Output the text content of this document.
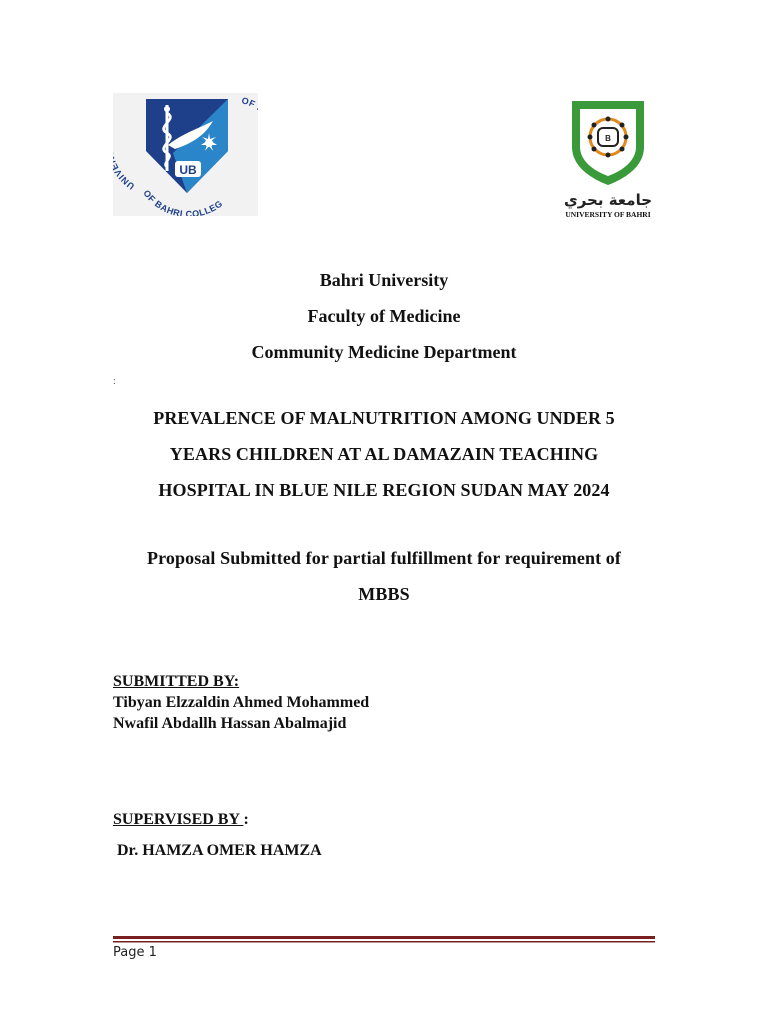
UNIV
OF BAHRI COLLEG
OF
UB
B
جامعة بحري
UNIVERSITY OF BAHRI
Bahri University
Faculty of Medicine
Community Medicine Department
:
PREVALENCE OF MALNUTRITION AMONG UNDER 5
YEARS CHILDREN AT AL DAMAZAIN TEACHING
HOSPITAL IN BLUE NILE REGION SUDAN MAY 2024
Proposal Submitted for partial fulfillment for requirement of
MBBS
SUBMITTED BY:
Tibyan Elzzaldin Ahmed Mohammed
Nwafil Abdallh Hassan Abalmajid
SUPERVISED BY :
Dr. HAMZA OMER HAMZA
Page 1
